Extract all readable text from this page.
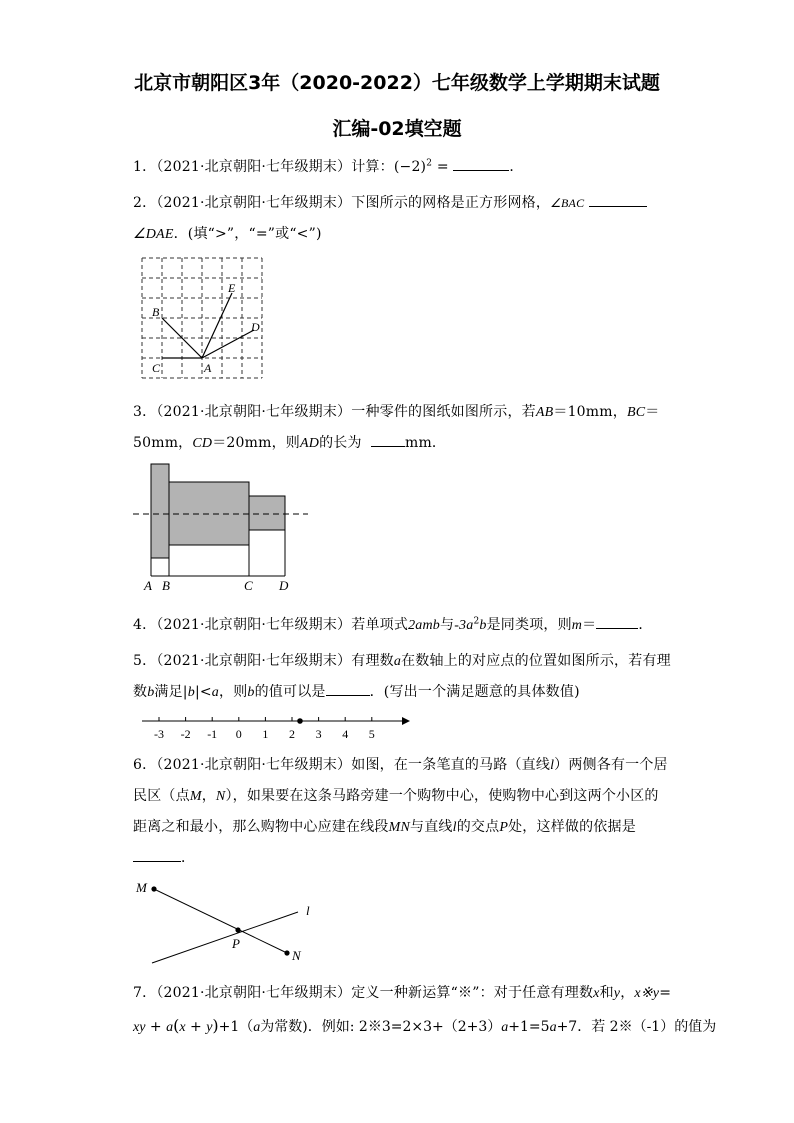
北京市朝阳区3年（2020-2022）七年级数学上学期期末试题
汇编-02填空题
1．（2021·北京朝阳·七年级期末）计算：$(-2)^2$ =	．
2．（2021·北京朝阳·七年级期末）下图所示的网格是正方形网格，∠BAC
∠DAE．(填“>”，“=”或“<”)
B
E
D
C	A
3．（2021·北京朝阳·七年级期末）一种零件的图纸如图所示，若AB＝10mm，BC＝
50mm，CD＝20mm，则AD的长为	mm．
A B	C D
4．（2021·北京朝阳·七年级期末）若单项式2amb与$-3a^2b$是同类项，则m＝	．
5．（2021·北京朝阳·七年级期末）有理数a在数轴上的对应点的位置如图所示，若有理
数b满足|b|<a，则b的值可以是	．(写出一个满足题意的具体数值)
-3 -2 -1 0 1 2 3 4 5
6．（2021·北京朝阳·七年级期末）如图，在一条笔直的马路（直线l）两侧各有一个居
民区（点M，N），如果要在这条马路旁建一个购物中心，使购物中心到这两个小区的
距离之和最小，那么购物中心应建在线段MN与直线l的交点P处，这样做的依据是
．
M
l
P
N
7．（2021·北京朝阳·七年级期末）定义一种新运算“※”：对于任意有理数x和y，x※y=
xy + a(x + y)+1（a为常数)．例如: 2※3=2×3+（2+3）a+1=5a+7．若 2※（-1）的值为
